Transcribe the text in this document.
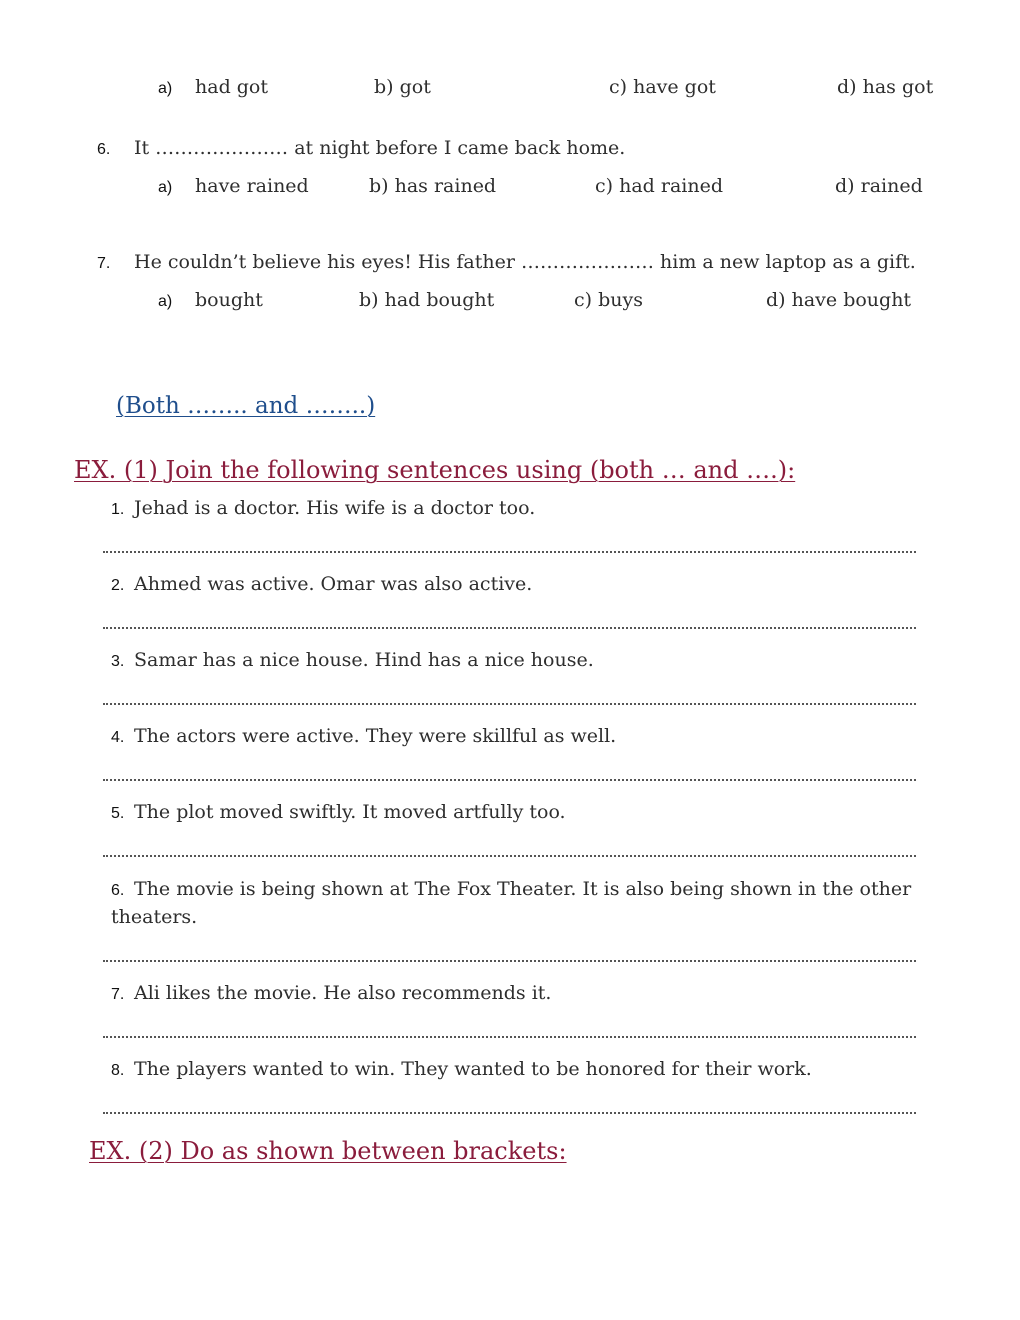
a) had got	b) got	c) have got	d) has got
6. It ………………… at night before I came back home.
a) have rained	b) has rained	c) had rained	d) rained
7. He couldn’t believe his eyes! His father ………………… him a new laptop as a gift.
a) bought	b) had bought	c) buys	d) have bought
(Both …….. and ……..)
EX. (1) Join the following sentences using (both … and ….):
1. Jehad is a doctor. His wife is a doctor too.
2. Ahmed was active. Omar was also active.
3. Samar has a nice house. Hind has a nice house.
4. The actors were active. They were skillful as well.
5. The plot moved swiftly. It moved artfully too.
6. The movie is being shown at The Fox Theater. It is also being shown in the other
theaters.
7. Ali likes the movie. He also recommends it.
8. The players wanted to win. They wanted to be honored for their work.
EX. (2) Do as shown between brackets:
